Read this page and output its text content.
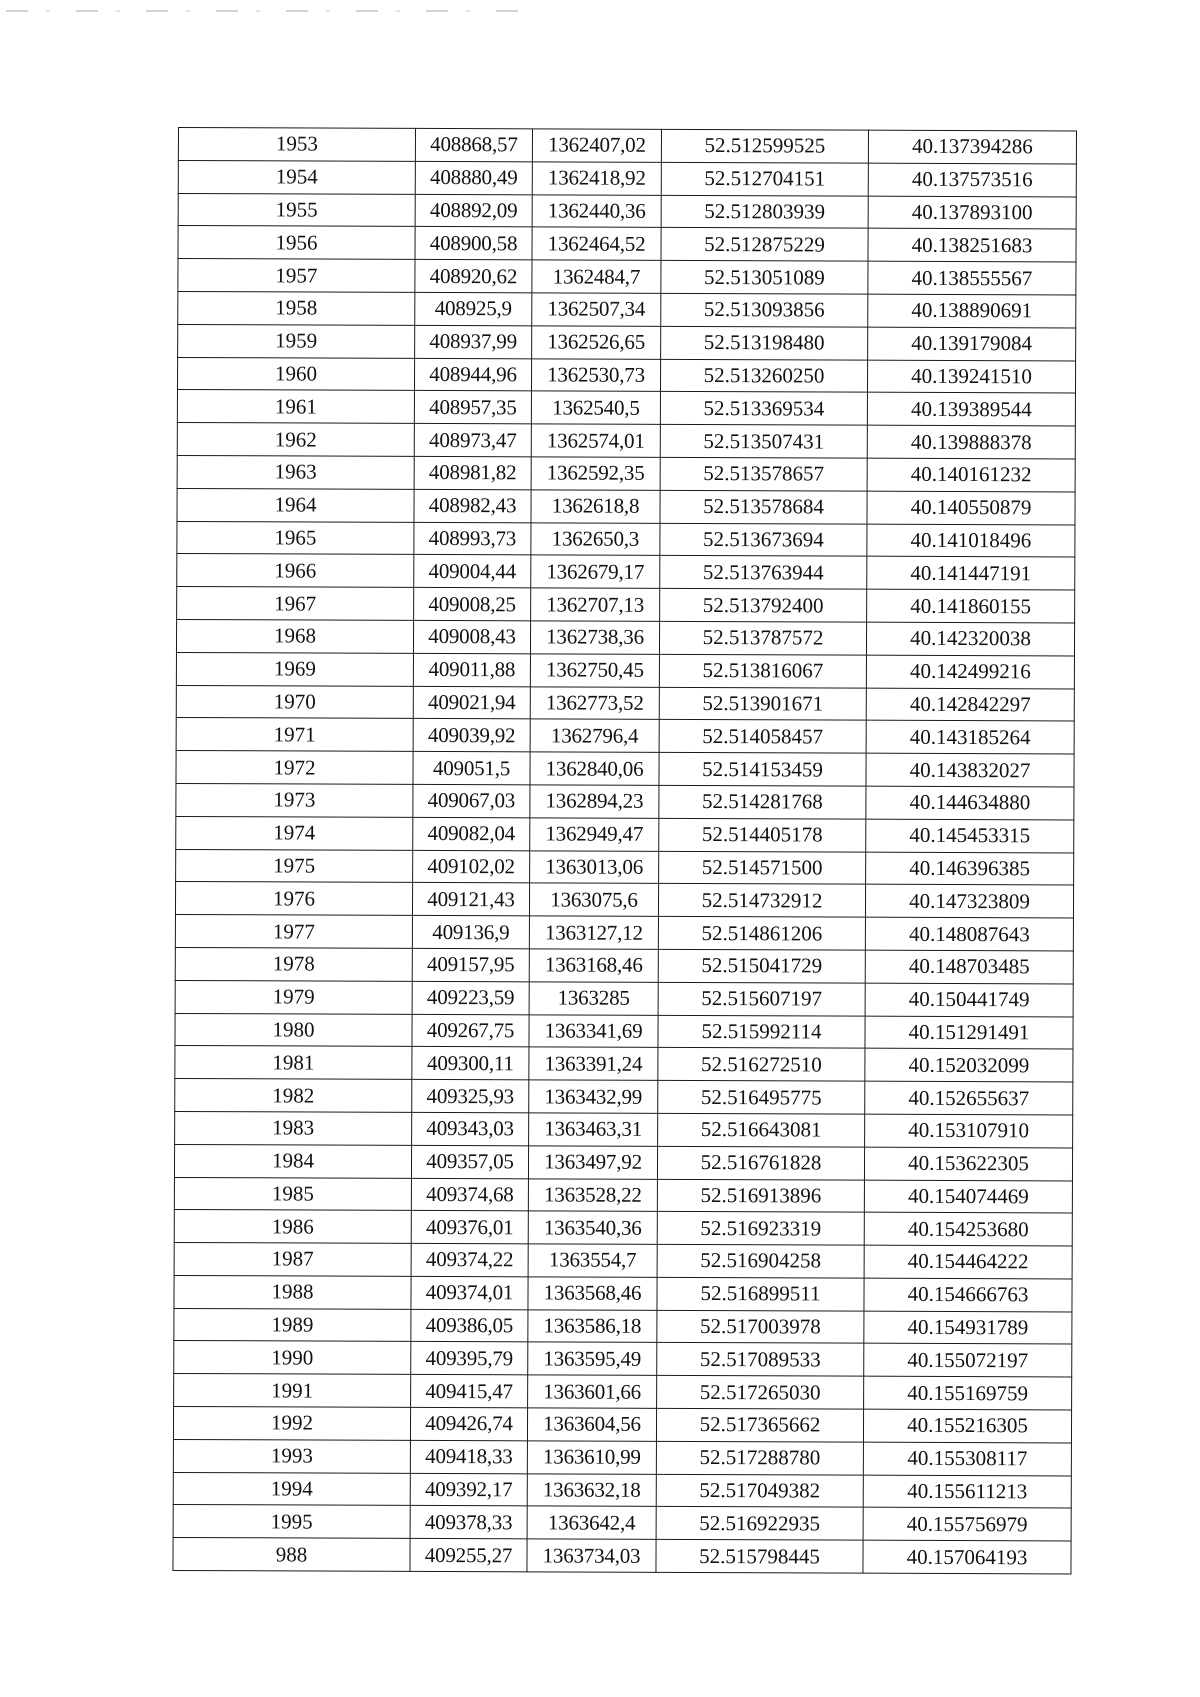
1953	408868,57	1362407,02	52.512599525	40.137394286
1954	408880,49	1362418,92	52.512704151	40.137573516
1955	408892,09	1362440,36	52.512803939	40.137893100
1956	408900,58	1362464,52	52.512875229	40.138251683
1957	408920,62	1362484,7	52.513051089	40.138555567
1958	408925,9	1362507,34	52.513093856	40.138890691
1959	408937,99	1362526,65	52.513198480	40.139179084
1960	408944,96	1362530,73	52.513260250	40.139241510
1961	408957,35	1362540,5	52.513369534	40.139389544
1962	408973,47	1362574,01	52.513507431	40.139888378
1963	408981,82	1362592,35	52.513578657	40.140161232
1964	408982,43	1362618,8	52.513578684	40.140550879
1965	408993,73	1362650,3	52.513673694	40.141018496
1966	409004,44	1362679,17	52.513763944	40.141447191
1967	409008,25	1362707,13	52.513792400	40.141860155
1968	409008,43	1362738,36	52.513787572	40.142320038
1969	409011,88	1362750,45	52.513816067	40.142499216
1970	409021,94	1362773,52	52.513901671	40.142842297
1971	409039,92	1362796,4	52.514058457	40.143185264
1972	409051,5	1362840,06	52.514153459	40.143832027
1973	409067,03	1362894,23	52.514281768	40.144634880
1974	409082,04	1362949,47	52.514405178	40.145453315
1975	409102,02	1363013,06	52.514571500	40.146396385
1976	409121,43	1363075,6	52.514732912	40.147323809
1977	409136,9	1363127,12	52.514861206	40.148087643
1978	409157,95	1363168,46	52.515041729	40.148703485
1979	409223,59	1363285	52.515607197	40.150441749
1980	409267,75	1363341,69	52.515992114	40.151291491
1981	409300,11	1363391,24	52.516272510	40.152032099
1982	409325,93	1363432,99	52.516495775	40.152655637
1983	409343,03	1363463,31	52.516643081	40.153107910
1984	409357,05	1363497,92	52.516761828	40.153622305
1985	409374,68	1363528,22	52.516913896	40.154074469
1986	409376,01	1363540,36	52.516923319	40.154253680
1987	409374,22	1363554,7	52.516904258	40.154464222
1988	409374,01	1363568,46	52.516899511	40.154666763
1989	409386,05	1363586,18	52.517003978	40.154931789
1990	409395,79	1363595,49	52.517089533	40.155072197
1991	409415,47	1363601,66	52.517265030	40.155169759
1992	409426,74	1363604,56	52.517365662	40.155216305
1993	409418,33	1363610,99	52.517288780	40.155308117
1994	409392,17	1363632,18	52.517049382	40.155611213
1995	409378,33	1363642,4	52.516922935	40.155756979
988	409255,27	1363734,03	52.515798445	40.157064193
